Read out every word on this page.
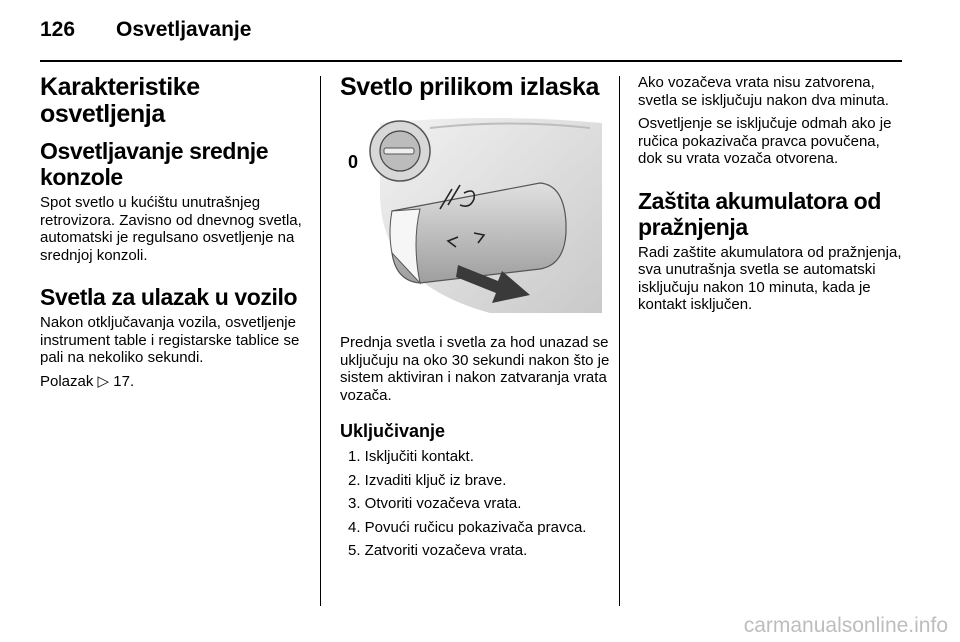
126 Osvetljavanje
Karakteristike osvetljenja
Osvetljavanje srednje konzole

Spot svetlo u kućištu unutrašnjeg retrovizora. Zavisno od dnevnog svetla, automatski je regulsano osvetljenje na srednjoj konzoli.

Svetla za ulazak u vozilo

Nakon otključavanja vozila, osvetljenje instrument table i registarske tablice se pali na nekoliko sekundi.

Polazak ▷ 17.

Svetlo prilikom izlaska
0

Prednja svetla i svetla za hod unazad se uključuju na oko 30 sekundi nakon što je sistem aktiviran i nakon zatvaranja vrata vozača.

Uključivanje
1. Isključiti kontakt.
2. Izvaditi ključ iz brave.
3. Otvoriti vozačeva vrata.
4. Povući ručicu pokazivača pravca.
5. Zatvoriti vozačeva vrata.

Ako vozačeva vrata nisu zatvorena, svetla se isključuju nakon dva minuta.

Osvetljenje se isključuje odmah ako je ručica pokazivača pravca povučena, dok su vrata vozača otvorena.

Zaštita akumulatora od pražnjenja

Radi zaštite akumulatora od pražnjenja, sva unutrašnja svetla se automatski isključuju nakon 10 minuta, kada je kontakt isključen.

carmanualsonline.info
